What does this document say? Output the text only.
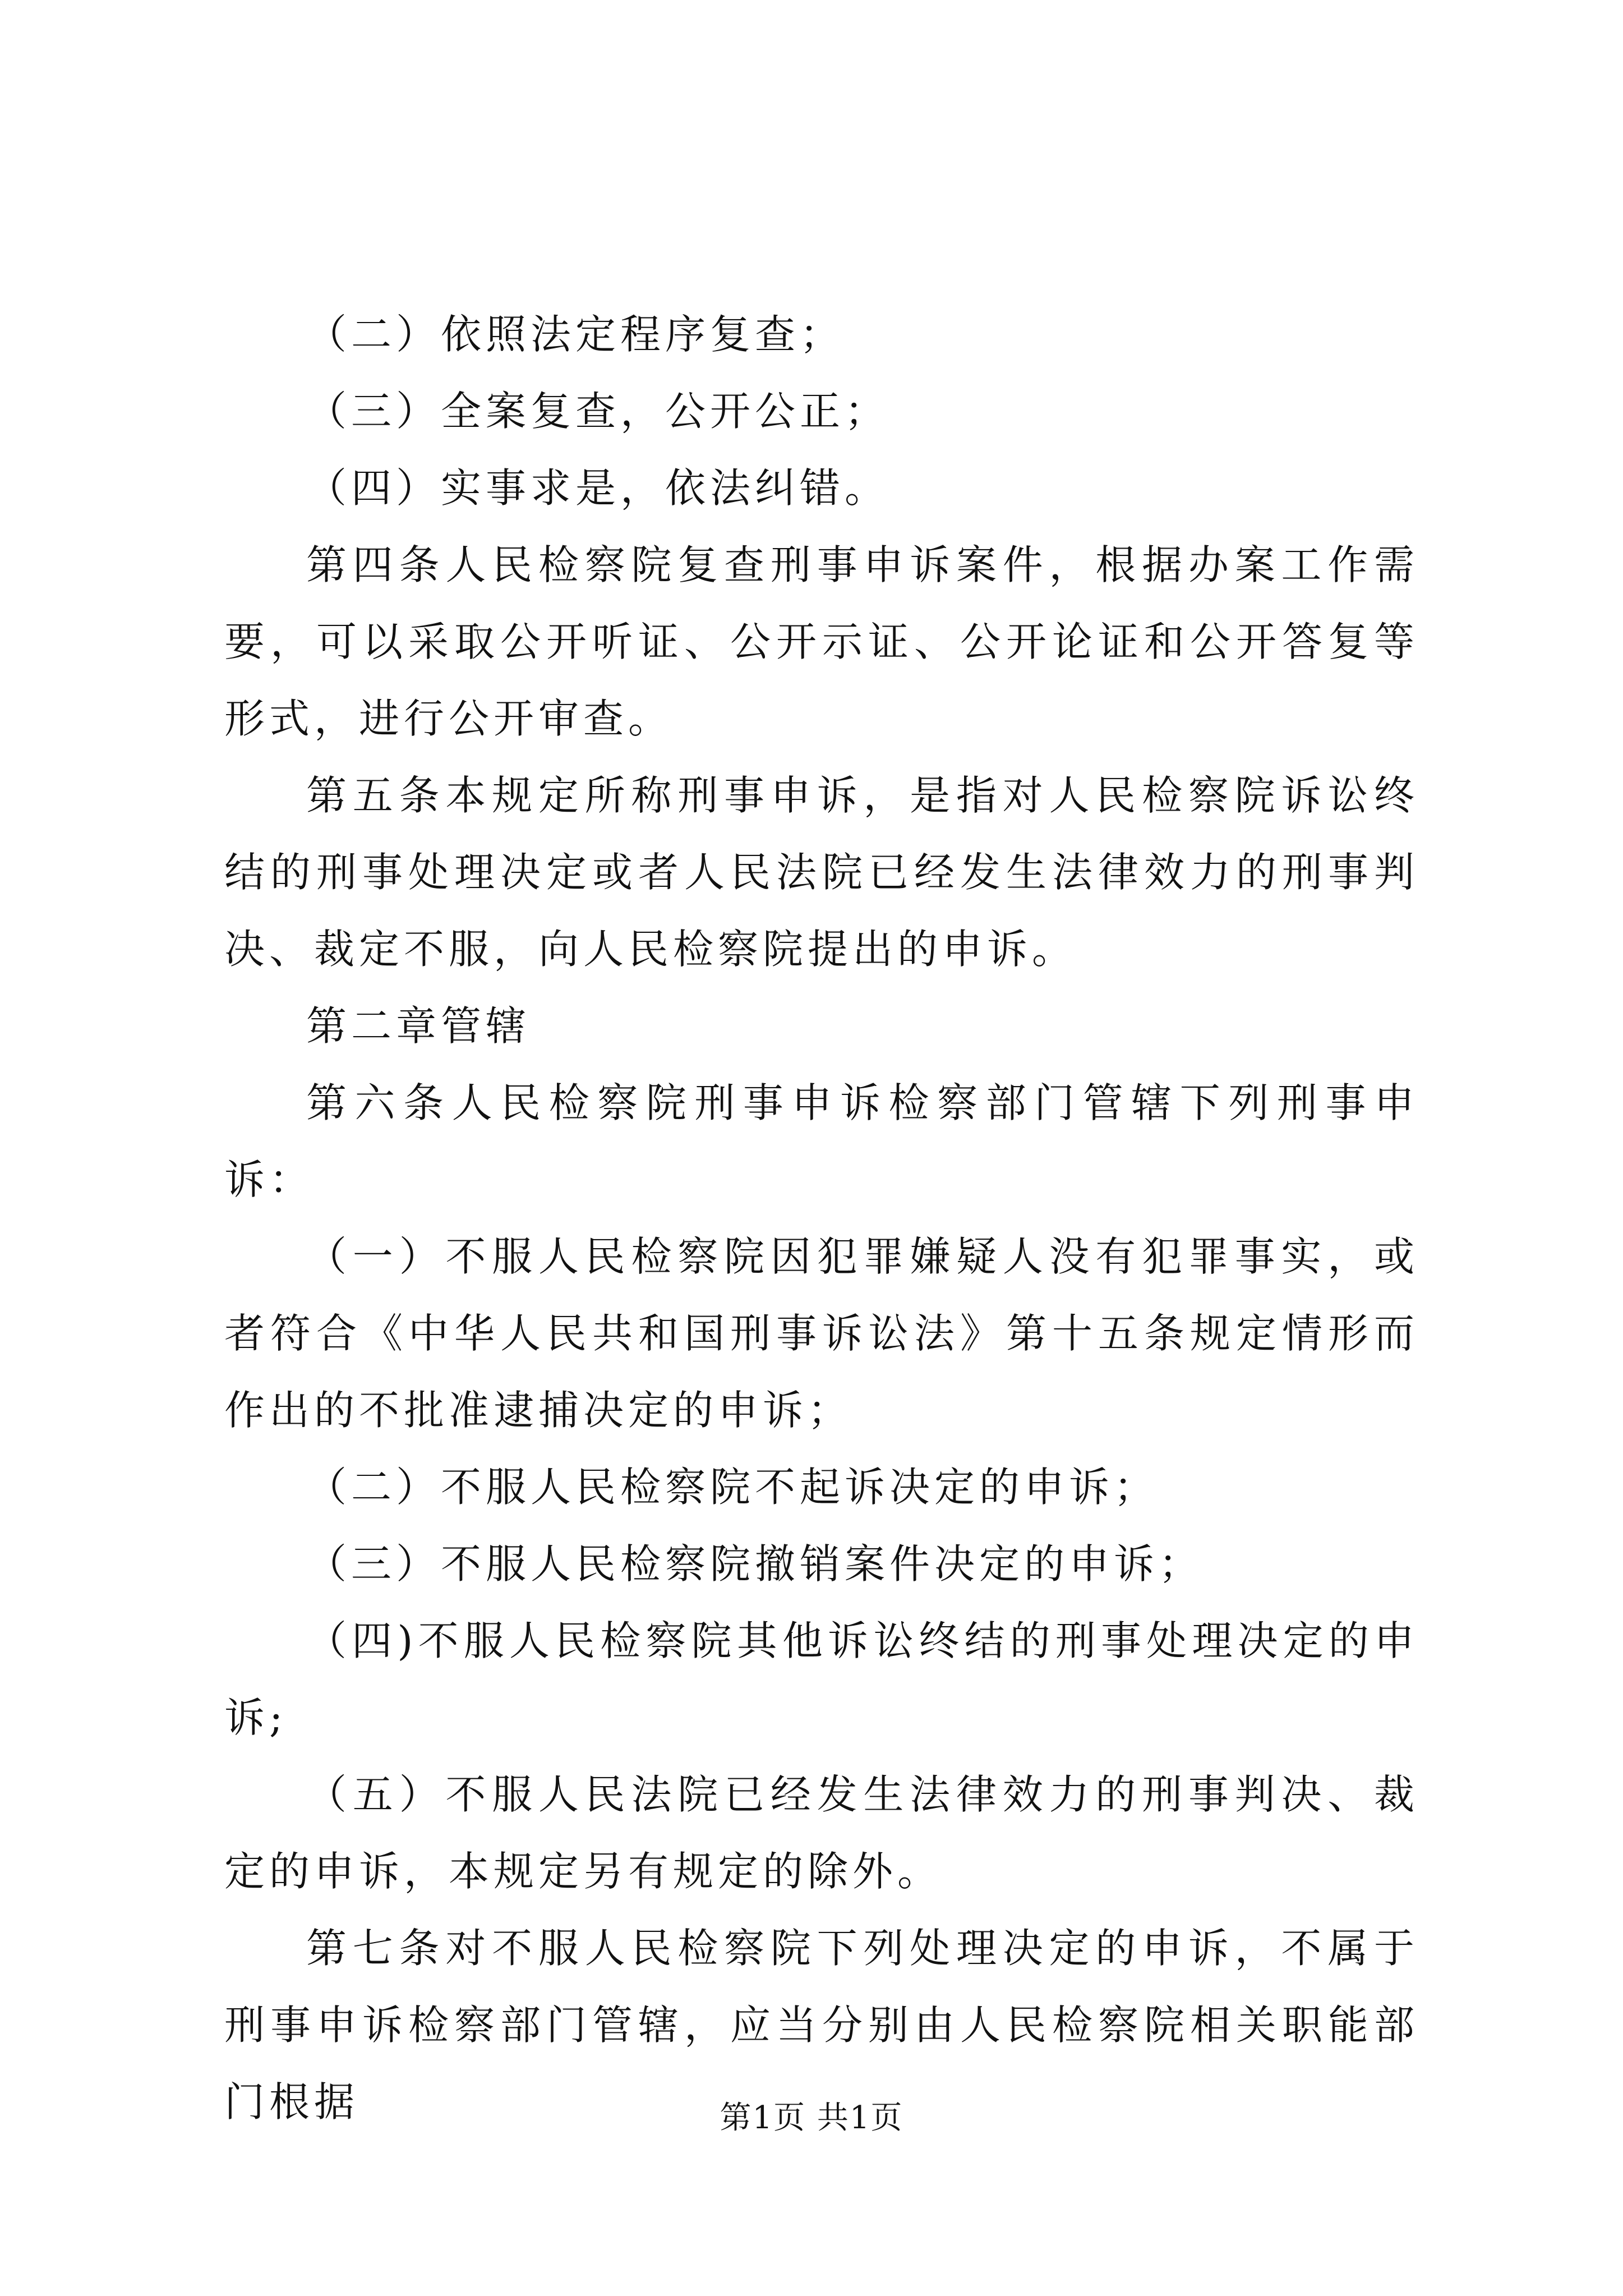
（二）依照法定程序复查；

（三）全案复查，公开公正；

（四）实事求是，依法纠错。

第四条人民检察院复查刑事申诉案件，根据办案工作需要，可以采取公开听证、公开示证、公开论证和公开答复等形式，进行公开审查。

第五条本规定所称刑事申诉，是指对人民检察院诉讼终结的刑事处理决定或者人民法院已经发生法律效力的刑事判决、裁定不服，向人民检察院提出的申诉。

第二章管辖

第六条人民检察院刑事申诉检察部门管辖下列刑事申诉：

（一）不服人民检察院因犯罪嫌疑人没有犯罪事实，或者符合《中华人民共和国刑事诉讼法》第十五条规定情形而作出的不批准逮捕决定的申诉；

（二）不服人民检察院不起诉决定的申诉；

（三）不服人民检察院撤销案件决定的申诉；

（四)不服人民检察院其他诉讼终结的刑事处理决定的申诉;

（五）不服人民法院已经发生法律效力的刑事判决、裁定的申诉，本规定另有规定的除外。

第七条对不服人民检察院下列处理决定的申诉，不属于刑事申诉检察部门管辖，应当分别由人民检察院相关职能部门根据	第1页 共1页
